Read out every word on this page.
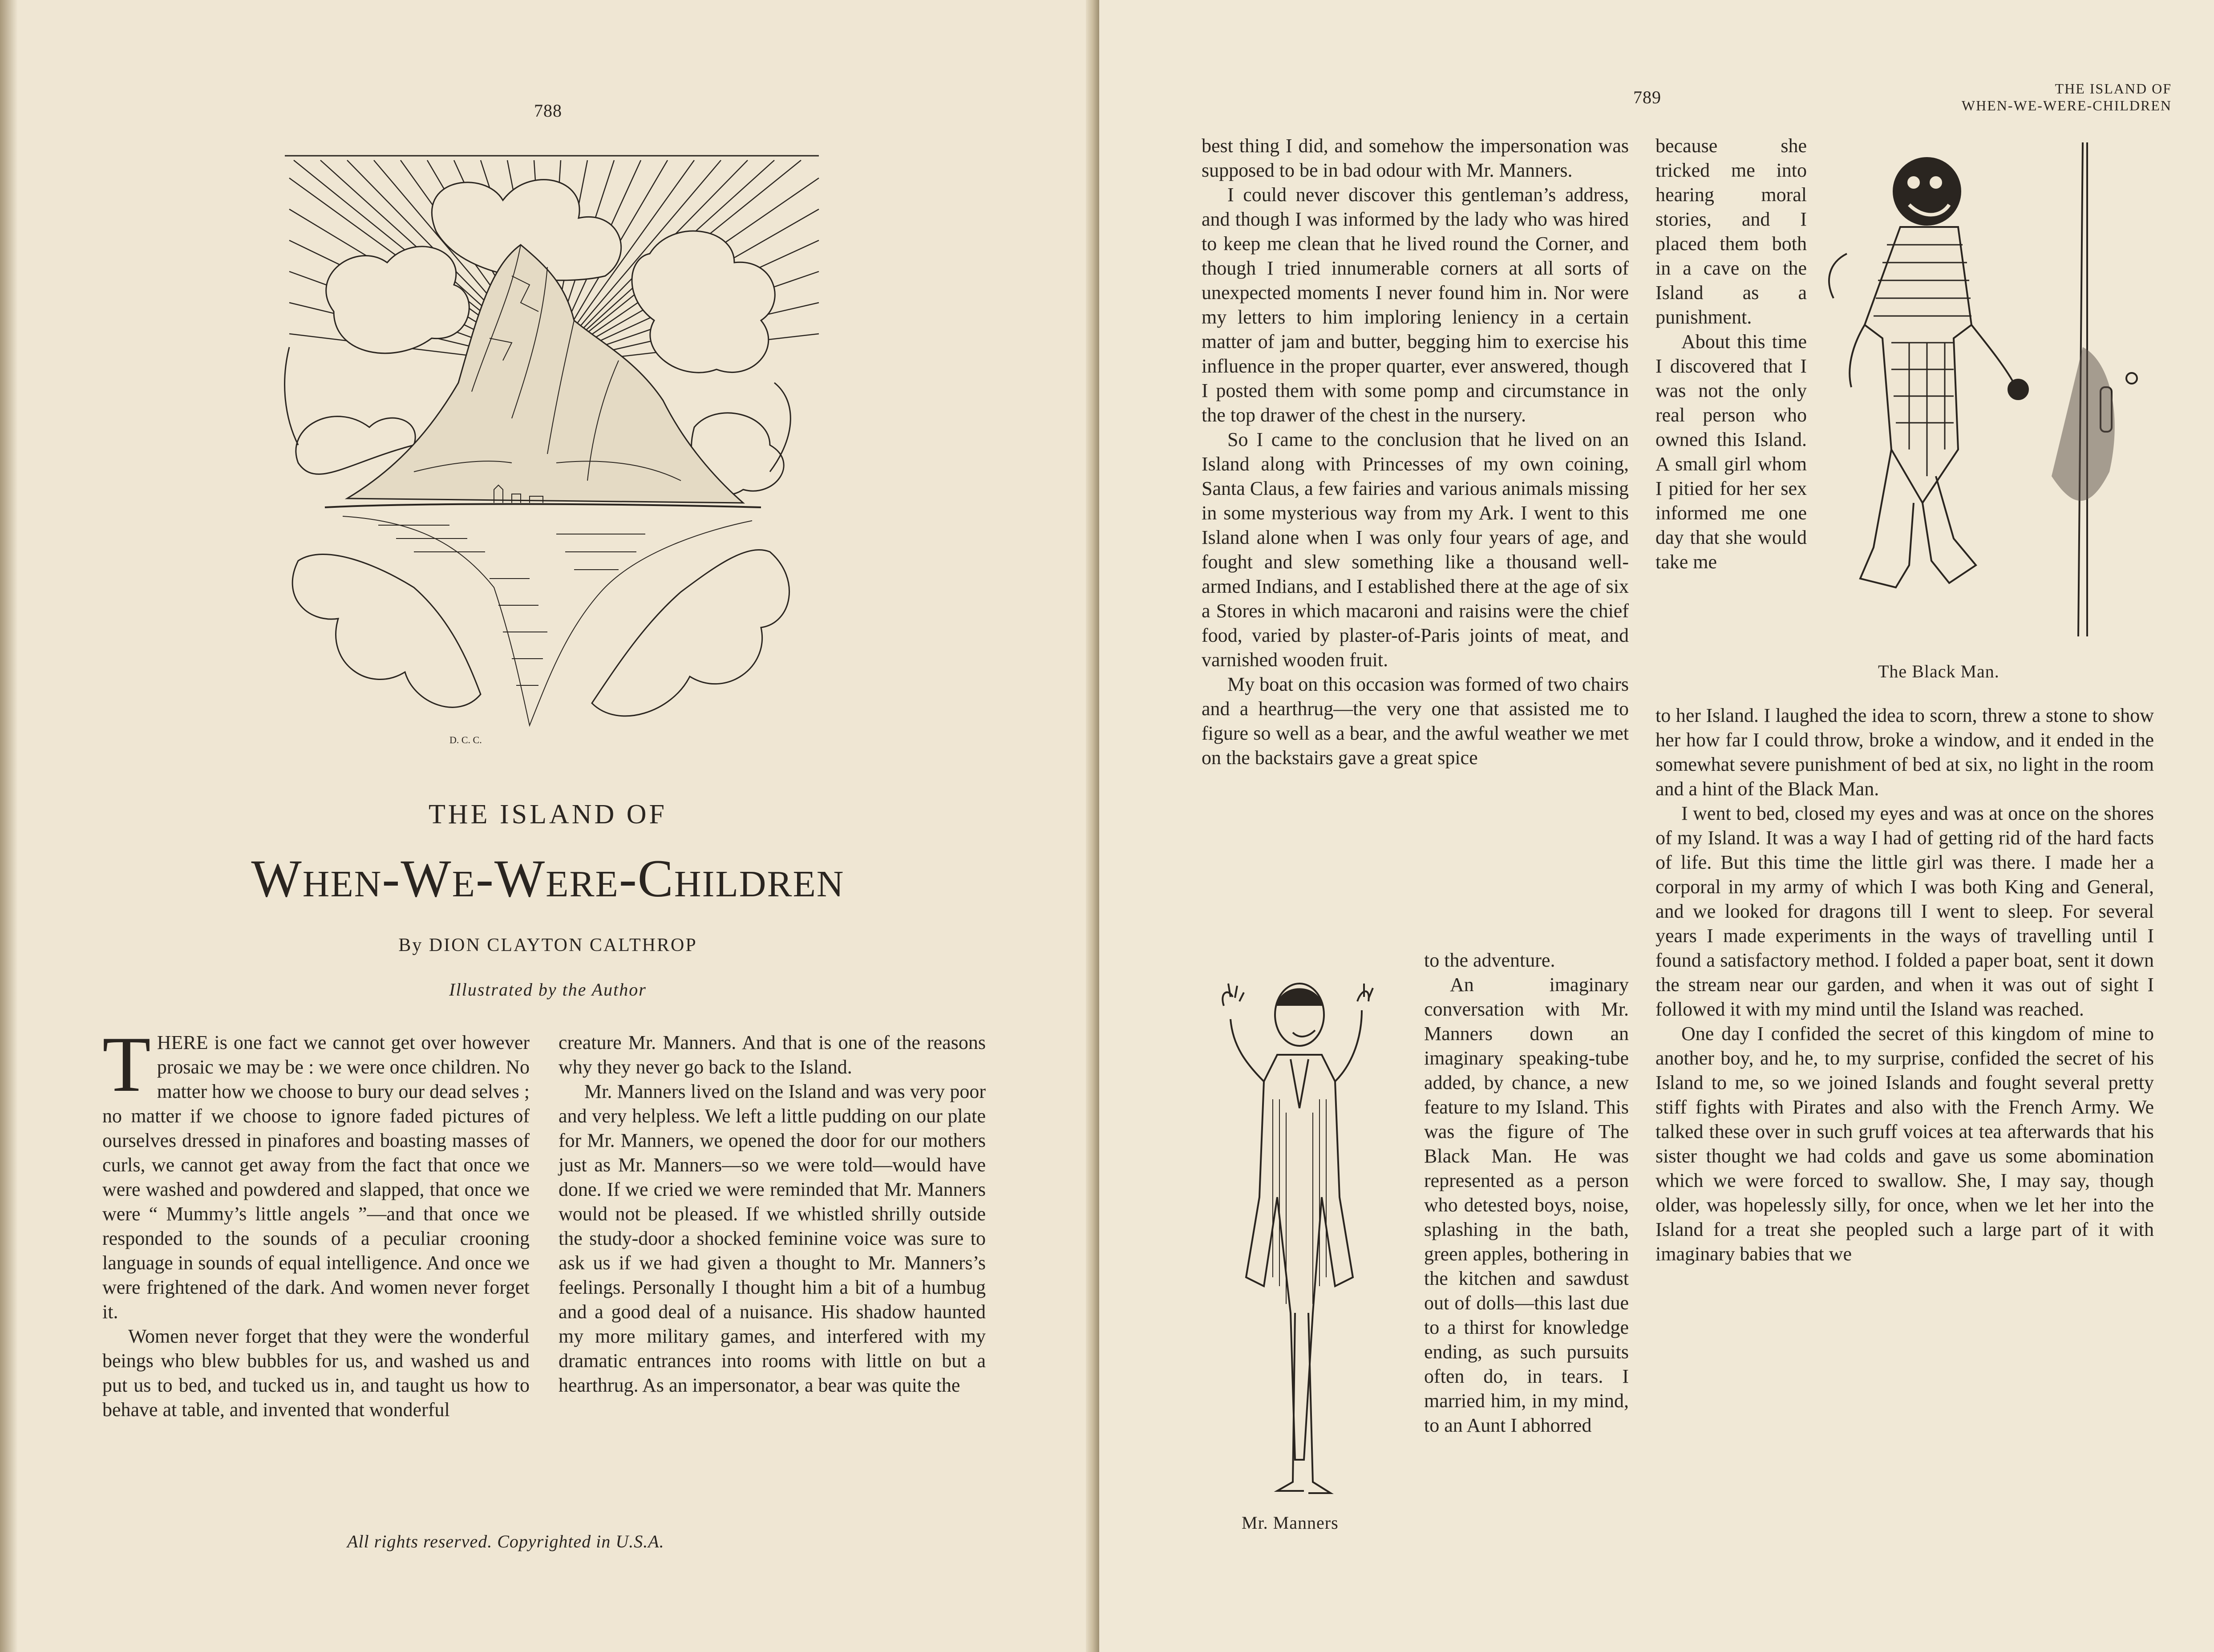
788
D. C. C.
THE ISLAND OF
When-We-Were-Children
By DION CLAYTON CALTHROP
Illustrated by the Author

THERE is one fact we cannot get over however prosaic we may be : we were once children. No matter how we choose to bury our dead selves ; no matter if we choose to ignore faded pictures of ourselves dressed in pinafores and boasting masses of curls, we cannot get away from the fact that once we were washed and powdered and slapped, that once we were “ Mummy’s little angels ”—and that once we responded to the sounds of a peculiar crooning language in sounds of equal intelligence. And once we were frightened of the dark. And women never forget it.

Women never forget that they were the wonderful beings who blew bubbles for us, and washed us and put us to bed, and tucked us in, and taught us how to behave at table, and invented that wonderful

creature Mr. Manners. And that is one of the reasons why they never go back to the Island.

Mr. Manners lived on the Island and was very poor and very helpless. We left a little pudding on our plate for Mr. Manners, we opened the door for our mothers just as Mr. Manners—so we were told—would have done. If we cried we were reminded that Mr. Manners would not be pleased. If we whistled shrilly outside the study-door a shocked feminine voice was sure to ask us if we had given a thought to Mr. Manners’s feelings. Personally I thought him a bit of a humbug and a good deal of a nuisance. His shadow haunted my more military games, and interfered with my dramatic entrances into rooms with little on but a hearthrug. As an impersonator, a bear was quite the

All rights reserved. Copyrighted in U.S.A.
789	THE ISLAND OF
WHEN-WE-WERE-CHILDREN

best thing I did, and somehow the impersonation was supposed to be in bad odour with Mr. Manners.

I could never discover this gentleman’s address, and though I was informed by the lady who was hired to keep me clean that he lived round the Corner, and though I tried innumerable corners at all sorts of unexpected moments I never found him in. Nor were my letters to him imploring leniency in a certain matter of jam and butter, begging him to exercise his influence in the proper quarter, ever answered, though I posted them with some pomp and circumstance in the top drawer of the chest in the nursery.

So I came to the conclusion that he lived on an Island along with Princesses of my own coining, Santa Claus, a few fairies and various animals missing in some mysterious way from my Ark. I went to this Island alone when I was only four years of age, and fought and slew something like a thousand well-armed Indians, and I established there at the age of six a Stores in which macaroni and raisins were the chief food, varied by plaster-of-Paris joints of meat, and varnished wooden fruit.

My boat on this occasion was formed of two chairs and a hearthrug—the very one that assisted me to figure so well as a bear, and the awful weather we met on the backstairs gave a great spice

to the adventure.

An imaginary conversation with Mr. Manners down an imaginary speaking-tube added, by chance, a new feature to my Island. This was the figure of The Black Man. He was represented as a person who detested boys, noise, splashing in the bath, green apples, bothering in the kitchen and sawdust out of dolls—this last due to a thirst for knowledge ending, as such pursuits often do, in tears. I married him, in my mind, to an Aunt I abhorred

Mr. Manners

because she tricked me into hearing moral stories, and I placed them both in a cave on the Island as a punishment.

About this time I discovered that I was not the only real person who owned this Island. A small girl whom I pitied for her sex informed me one day that she would take me

The Black Man.

to her Island. I laughed the idea to scorn, threw a stone to show her how far I could throw, broke a window, and it ended in the somewhat severe punishment of bed at six, no light in the room and a hint of the Black Man.

I went to bed, closed my eyes and was at once on the shores of my Island. It was a way I had of getting rid of the hard facts of life. But this time the little girl was there. I made her a corporal in my army of which I was both King and General, and we looked for dragons till I went to sleep. For several years I made experiments in the ways of travelling until I found a satisfactory method. I folded a paper boat, sent it down the stream near our garden, and when it was out of sight I followed it with my mind until the Island was reached.

One day I confided the secret of this kingdom of mine to another boy, and he, to my surprise, confided the secret of his Island to me, so we joined Islands and fought several pretty stiff fights with Pirates and also with the French Army. We talked these over in such gruff voices at tea afterwards that his sister thought we had colds and gave us some abomination which we were forced to swallow. She, I may say, though older, was hopelessly silly, for once, when we let her into the Island for a treat she peopled such a large part of it with imaginary babies that we
